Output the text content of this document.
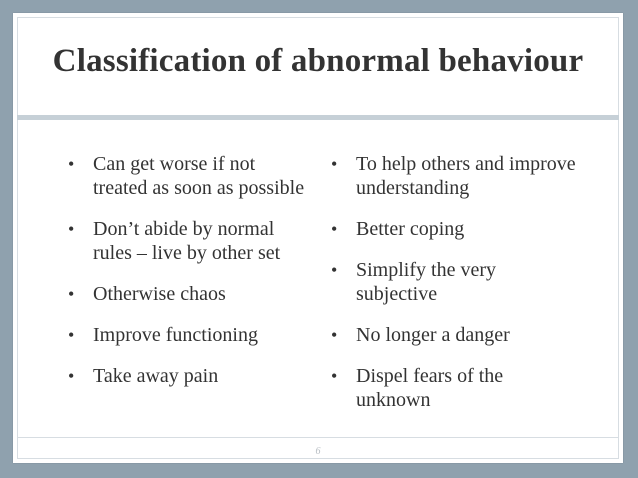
Classification of abnormal behaviour
• Can get worse if not treated as soon as possible
• Don’t abide by normal rules – live by other set
• Otherwise chaos
• Improve functioning
• Take away pain
• To help others and improve understanding
• Better coping
• Simplify the very subjective
• No longer a danger
• Dispel fears of the unknown
6
